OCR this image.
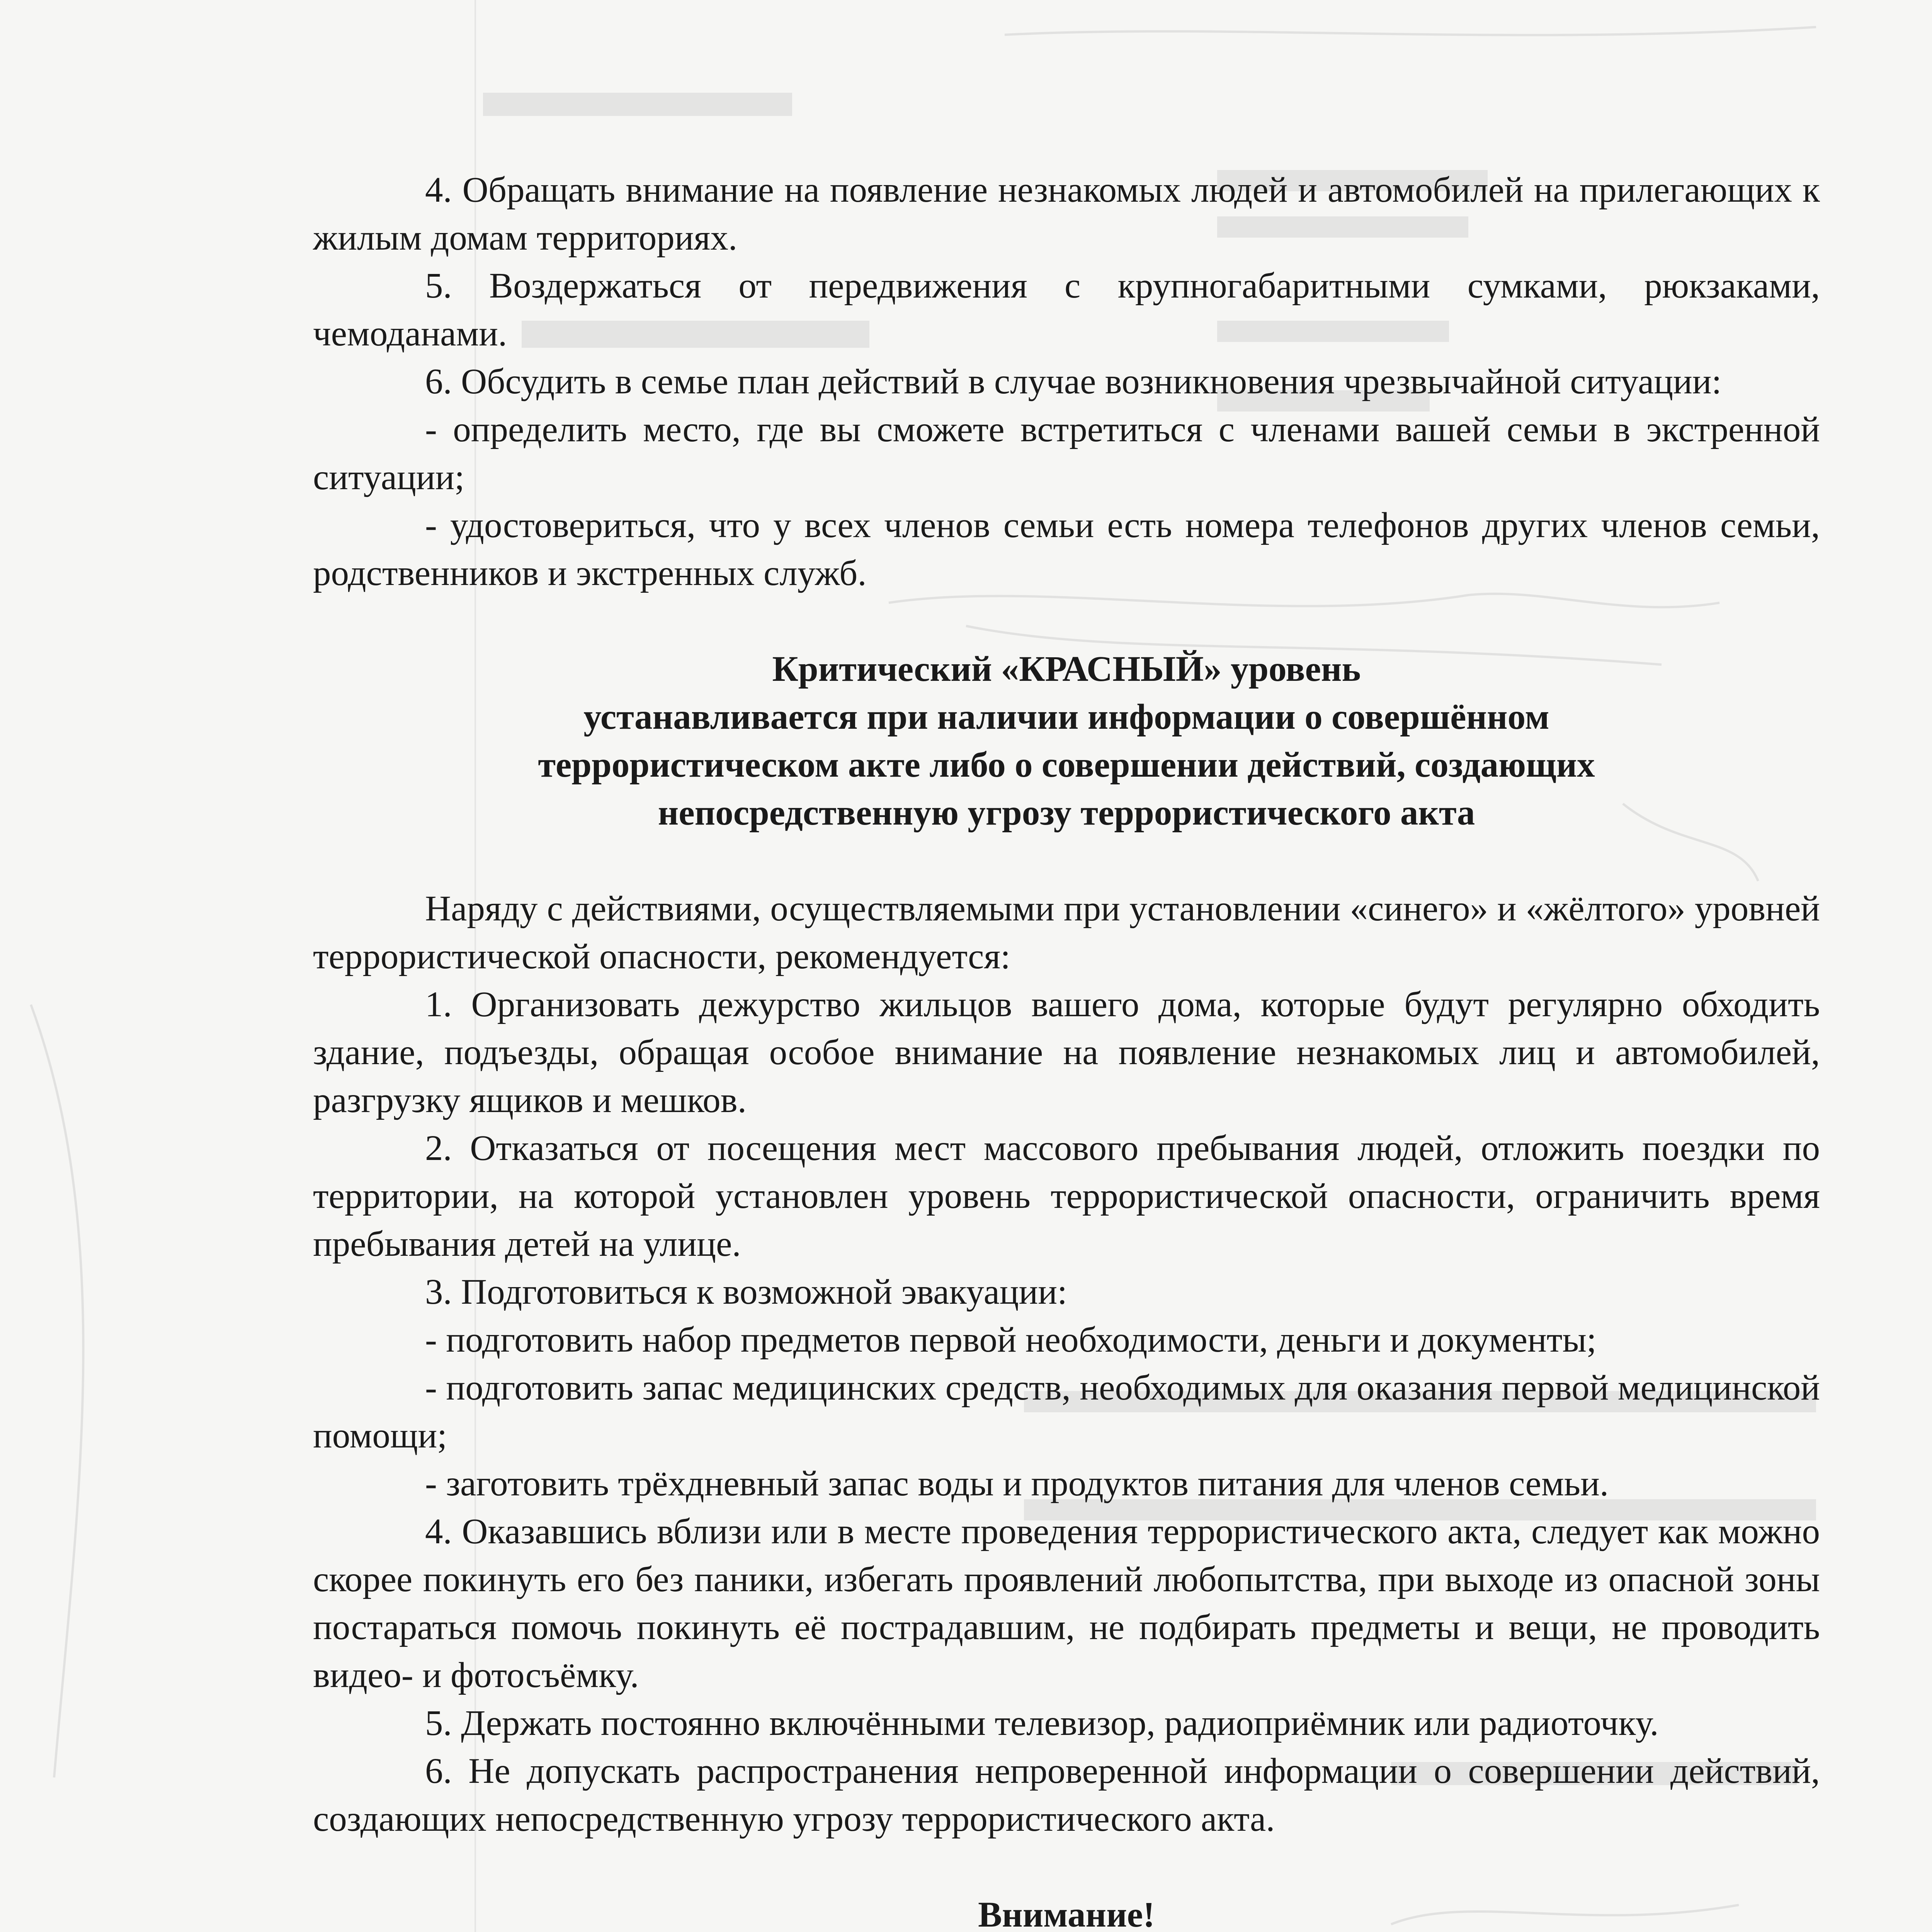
4. Обращать внимание на появление незнакомых людей и автомобилей на прилегающих к жилым домам территориях.

5. Воздержаться от передвижения с крупногабаритными сумками, рюкзаками, чемоданами.

6. Обсудить в семье план действий в случае возникновения чрезвычайной ситуации:

- определить место, где вы сможете встретиться с членами вашей семьи в экстренной ситуации;

- удостовериться, что у всех членов семьи есть номера телефонов других членов семьи, родственников и экстренных служб.

Критический «КРАСНЫЙ» уровень

устанавливается при наличии информации о совершённом

террористическом акте либо о совершении действий, создающих

непосредственную угрозу террористического акта

Наряду с действиями, осуществляемыми при установлении «синего» и «жёлтого» уровней террористической опасности, рекомендуется:

1. Организовать дежурство жильцов вашего дома, которые будут регулярно обходить здание, подъезды, обращая особое внимание на появление незнакомых лиц и автомобилей, разгрузку ящиков и мешков.

2. Отказаться от посещения мест массового пребывания людей, отложить поездки по территории, на которой установлен уровень террористической опасности, ограничить время пребывания детей на улице.

3. Подготовиться к возможной эвакуации:

- подготовить набор предметов первой необходимости, деньги и документы;

- подготовить запас медицинских средств, необходимых для оказания первой медицинской помощи;

- заготовить трёхдневный запас воды и продуктов питания для членов семьи.

4. Оказавшись вблизи или в месте проведения террористического акта, следует как можно скорее покинуть его без паники, избегать проявлений любопытства, при выходе из опасной зоны постараться помочь покинуть её пострадавшим, не подбирать предметы и вещи, не проводить видео- и фотосъёмку.

5. Держать постоянно включёнными телевизор, радиоприёмник или радиоточку.

6. Не допускать распространения непроверенной информации о совершении действий, создающих непосредственную угрозу террористического акта.

Внимание!
